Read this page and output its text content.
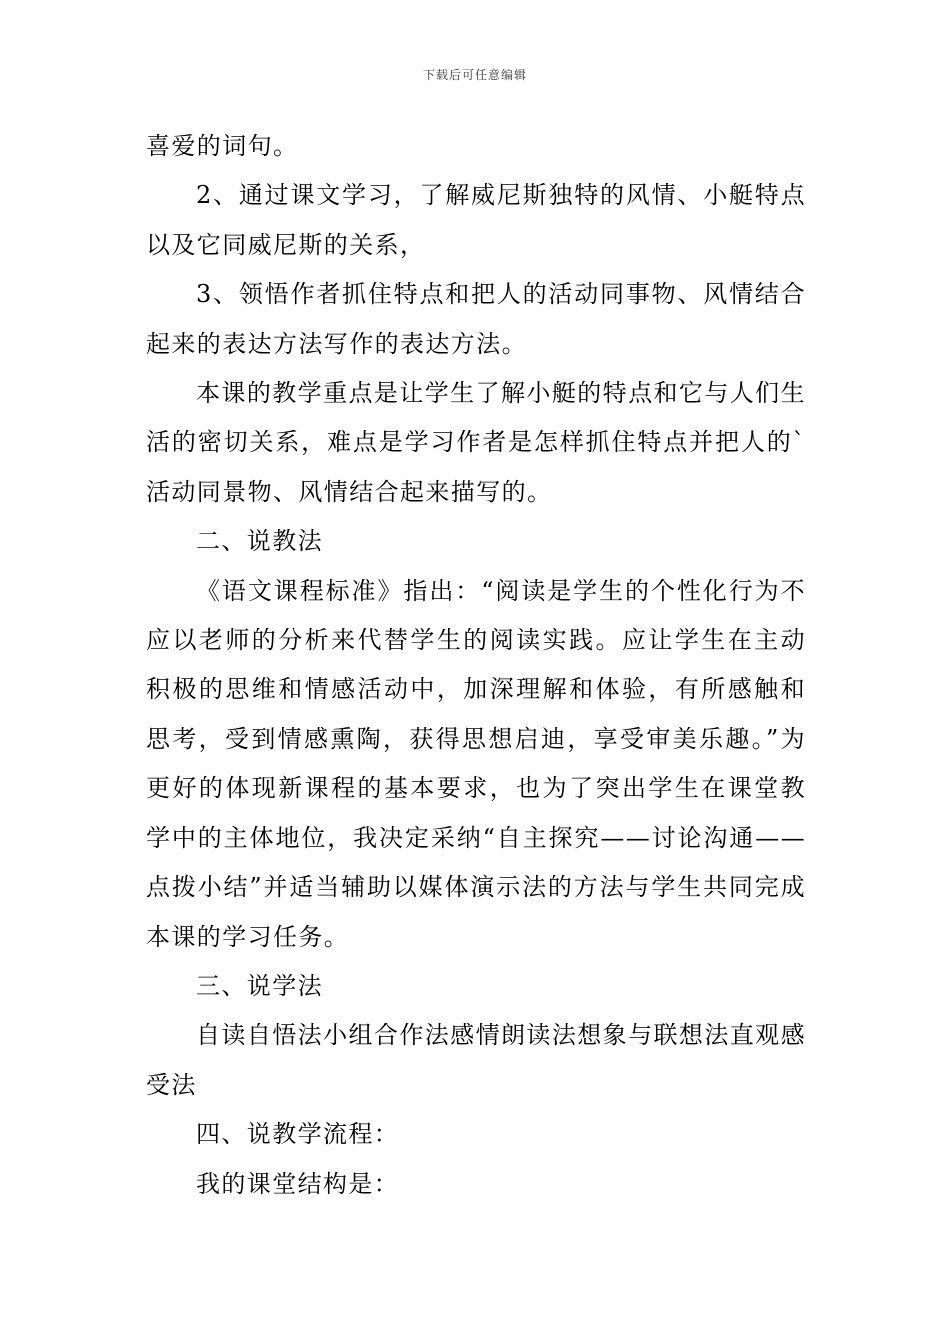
下载后可任意编辑

喜爱的词句。

2、通过课文学习，了解威尼斯独特的风情、小艇特点以及它同威尼斯的关系，

3、领悟作者抓住特点和把人的活动同事物、风情结合起来的表达方法写作的表达方法。

本课的教学重点是让学生了解小艇的特点和它与人们生活的密切关系，难点是学习作者是怎样抓住特点并把人的`活动同景物、风情结合起来描写的。

二、说教法

《语文课程标准》指出：“阅读是学生的个性化行为不应以老师的分析来代替学生的阅读实践。应让学生在主动积极的思维和情感活动中，加深理解和体验，有所感触和思考，受到情感熏陶，获得思想启迪，享受审美乐趣。”为更好的体现新课程的基本要求，也为了突出学生在课堂教学中的主体地位，我决定采纳“自主探究——讨论沟通——点拨小结”并适当辅助以媒体演示法的方法与学生共同完成本课的学习任务。

三、说学法

自读自悟法小组合作法感情朗读法想象与联想法直观感受法

四、说教学流程：

我的课堂结构是：
